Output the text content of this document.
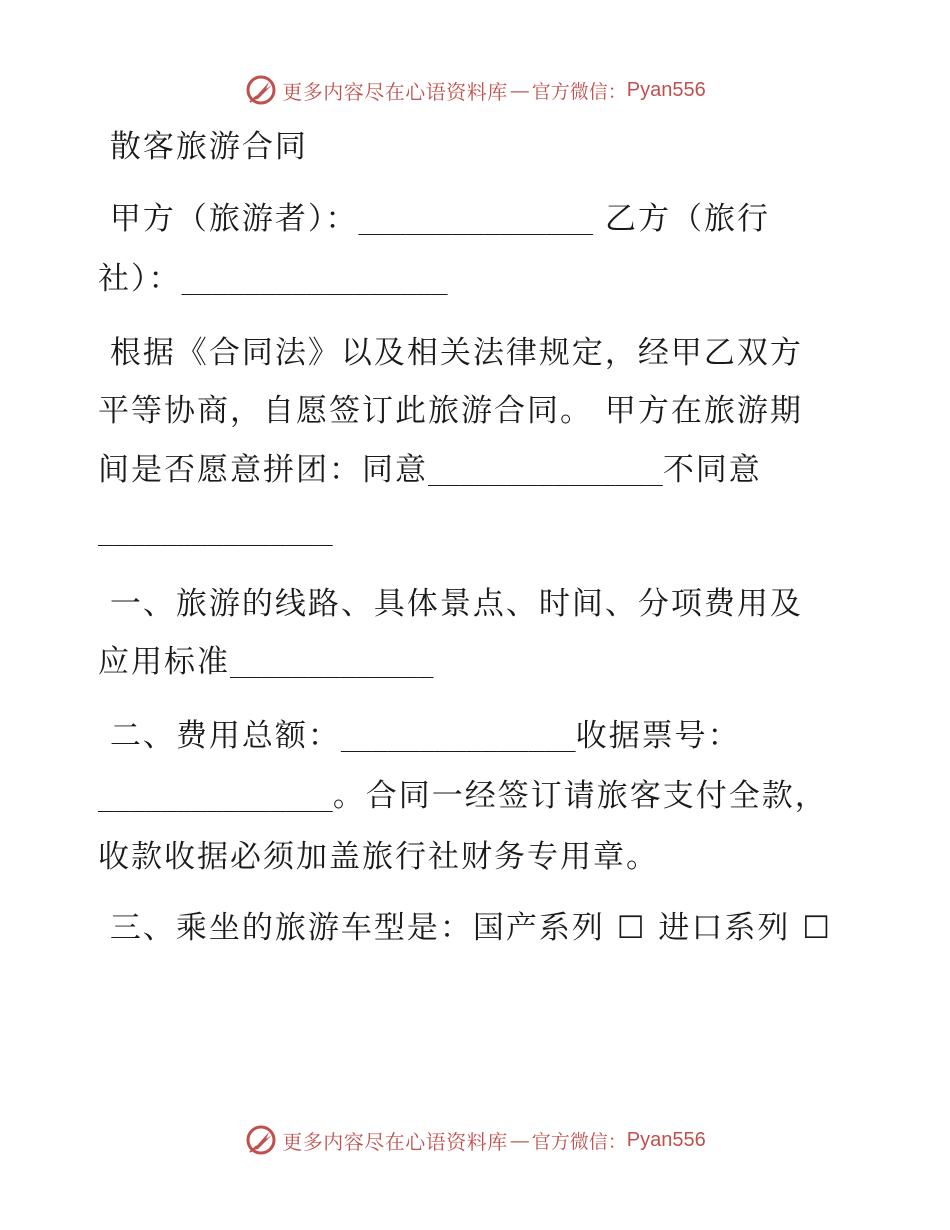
更多内容尽在心语资料库 — 官方微信： Pyan556

散客旅游合同

甲方（旅游者）：_______________ 乙方（旅行社）：_________________

根据《合同法》以及相关法律规定，经甲乙双方平等协商，自愿签订此旅游合同。 甲方在旅游期间是否愿意拼团：同意_______________不同意 _______________

一、旅游的线路、具体景点、时间、分项费用及应用标准_____________

二、费用总额：_______________收据票号： _______________。合同一经签订请旅客支付全款，收款收据必须加盖旅行社财务专用章。

三、乘坐的旅游车型是：国产系列 ☐ 进口系列 ☐

更多内容尽在心语资料库 — 官方微信： Pyan556
